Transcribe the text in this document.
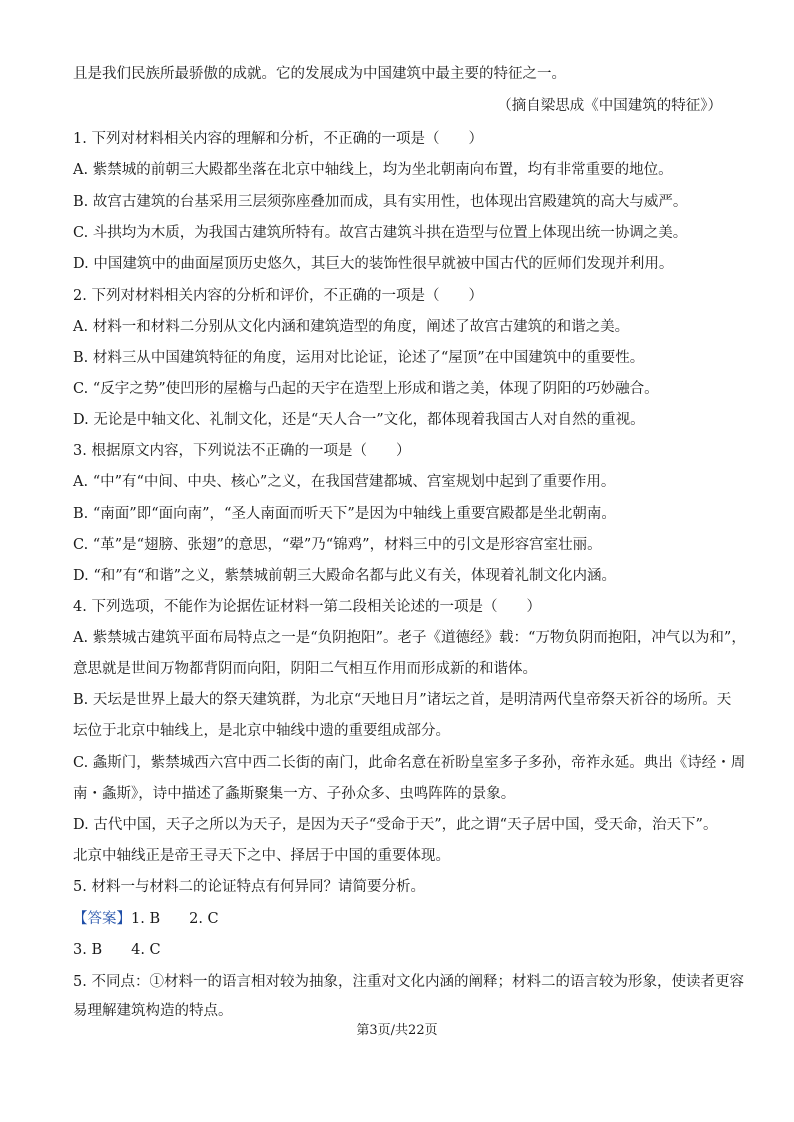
且是我们民族所最骄傲的成就。它的发展成为中国建筑中最主要的特征之一。
（摘自梁思成《中国建筑的特征》）
1. 下列对材料相关内容的理解和分析，不正确的一项是（　　）
A. 紫禁城的前朝三大殿都坐落在北京中轴线上，均为坐北朝南向布置，均有非常重要的地位。
B. 故宫古建筑的台基采用三层须弥座叠加而成，具有实用性，也体现出宫殿建筑的高大与威严。
C. 斗拱均为木质，为我国古建筑所特有。故宫古建筑斗拱在造型与位置上体现出统一协调之美。
D. 中国建筑中的曲面屋顶历史悠久，其巨大的装饰性很早就被中国古代的匠师们发现并利用。
2. 下列对材料相关内容的分析和评价，不正确的一项是（　　）
A. 材料一和材料二分别从文化内涵和建筑造型的角度，阐述了故宫古建筑的和谐之美。
B. 材料三从中国建筑特征的角度，运用对比论证，论述了“屋顶”在中国建筑中的重要性。
C. “反宇之势”使凹形的屋檐与凸起的天宇在造型上形成和谐之美，体现了阴阳的巧妙融合。
D. 无论是中轴文化、礼制文化，还是“天人合一”文化，都体现着我国古人对自然的重视。
3. 根据原文内容，下列说法不正确的一项是（　　）
A. “中”有“中间、中央、核心”之义，在我国营建都城、宫室规划中起到了重要作用。
B. “南面”即“面向南”，“圣人南面而听天下”是因为中轴线上重要宫殿都是坐北朝南。
C. “革”是“翅膀、张翅”的意思，“翚”乃“锦鸡”，材料三中的引文是形容宫室壮丽。
D. “和”有“和谐”之义，紫禁城前朝三大殿命名都与此义有关，体现着礼制文化内涵。
4. 下列选项，不能作为论据佐证材料一第二段相关论述的一项是（　　）
A. 紫禁城古建筑平面布局特点之一是“负阴抱阳”。老子《道德经》载：“万物负阴而抱阳，冲气以为和”，
意思就是世间万物都背阴而向阳，阴阳二气相互作用而形成新的和谐体。
B. 天坛是世界上最大的祭天建筑群，为北京“天地日月”诸坛之首，是明清两代皇帝祭天祈谷的场所。天
坛位于北京中轴线上，是北京中轴线中遗的重要组成部分。
C. 螽斯门，紫禁城西六宫中西二长街的南门，此命名意在祈盼皇室多子多孙，帝祚永延。典出《诗经・周
南・螽斯》，诗中描述了螽斯聚集一方、子孙众多、虫鸣阵阵的景象。
D. 古代中国，天子之所以为天子，是因为天子“受命于天”，此之谓“天子居中国，受天命，治天下”。
北京中轴线正是帝王寻天下之中、择居于中国的重要体现。
5. 材料一与材料二的论证特点有何异同？请简要分析。
【答案】1. B　　2. C
3. B　　4. C
5. 不同点：①材料一的语言相对较为抽象，注重对文化内涵的阐释；材料二的语言较为形象，使读者更容
易理解建筑构造的特点。
第3页/共22页
